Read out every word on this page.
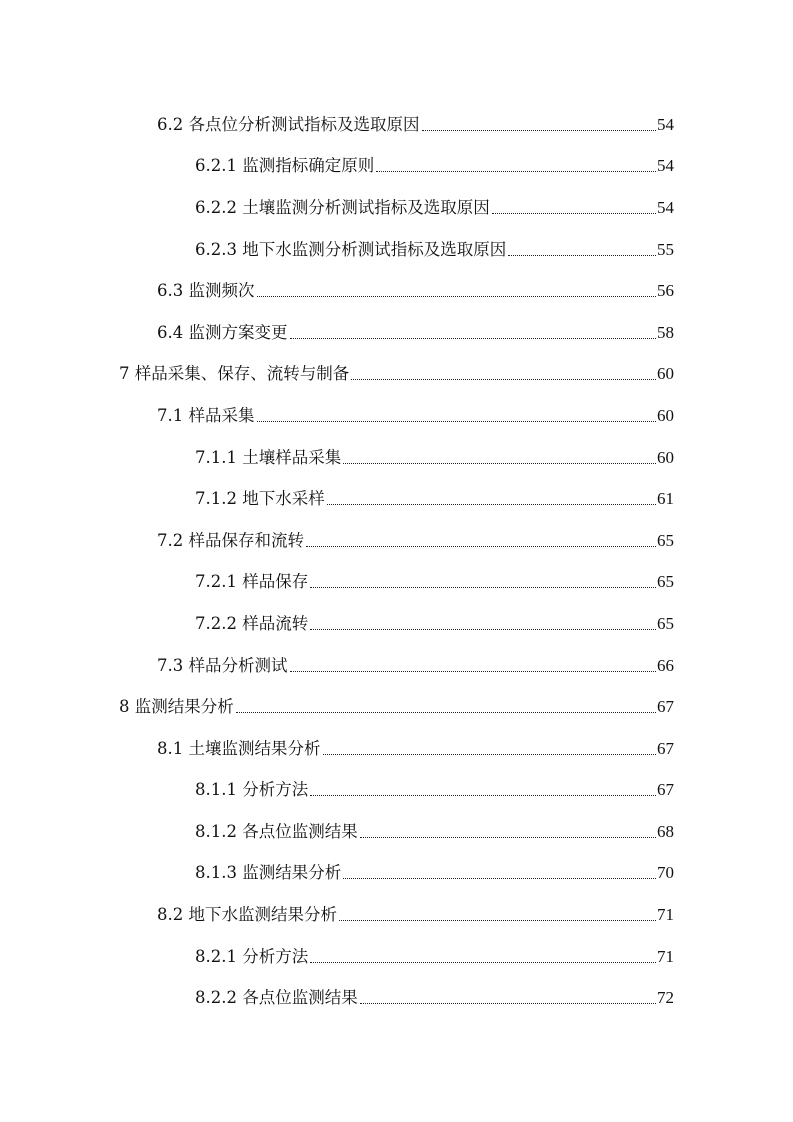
6.2 各点位分析测试指标及选取原因	54
6.2.1 监测指标确定原则	54
6.2.2 土壤监测分析测试指标及选取原因	54
6.2.3 地下水监测分析测试指标及选取原因	55
6.3 监测频次	56
6.4 监测方案变更	58
7 样品采集、保存、流转与制备	60
7.1 样品采集	60
7.1.1 土壤样品采集	60
7.1.2 地下水采样	61
7.2 样品保存和流转	65
7.2.1 样品保存	65
7.2.2 样品流转	65
7.3 样品分析测试	66
8 监测结果分析	67
8.1 土壤监测结果分析	67
8.1.1 分析方法	67
8.1.2 各点位监测结果	68
8.1.3 监测结果分析	70
8.2 地下水监测结果分析	71
8.2.1 分析方法	71
8.2.2 各点位监测结果	72
